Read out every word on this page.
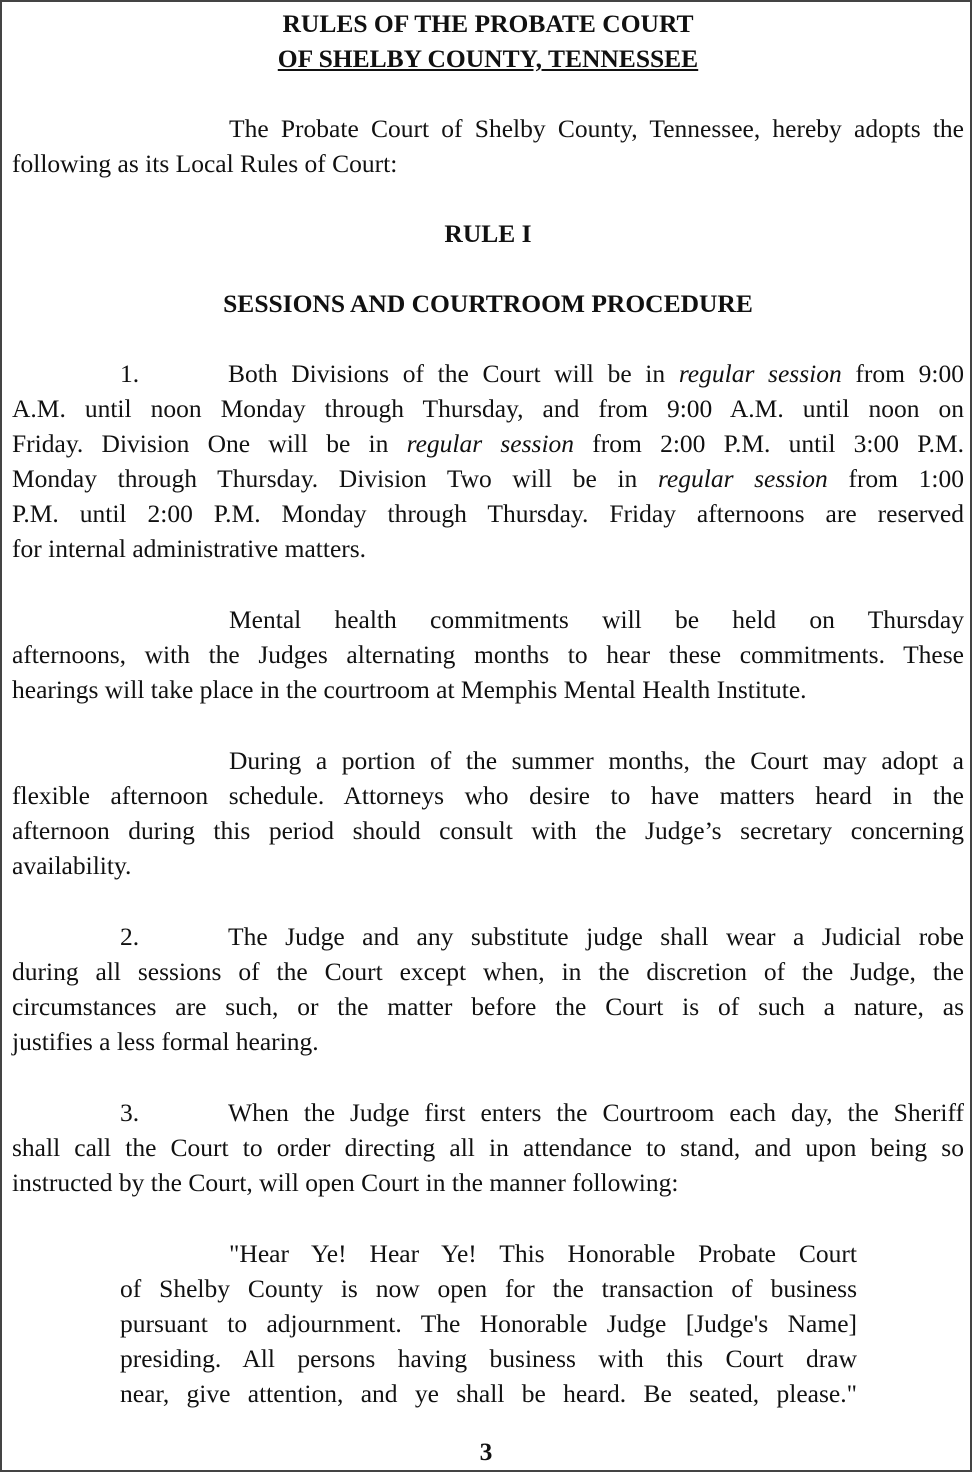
RULES OF THE PROBATE COURT
OF SHELBY COUNTY, TENNESSEE
The Probate Court of Shelby County, Tennessee, hereby adopts the
following as its Local Rules of Court:
RULE I
SESSIONS AND COURTROOM PROCEDURE
1.	Both Divisions of the Court will be in regular session from 9:00
A.M. until noon Monday through Thursday, and from 9:00 A.M. until noon on
Friday. Division One will be in regular session from 2:00 P.M. until 3:00 P.M.
Monday through Thursday. Division Two will be in regular session from 1:00
P.M. until 2:00 P.M. Monday through Thursday. Friday afternoons are reserved
for internal administrative matters.
Mental health commitments will be held on Thursday
afternoons, with the Judges alternating months to hear these commitments. These
hearings will take place in the courtroom at Memphis Mental Health Institute.
During a portion of the summer months, the Court may adopt a
flexible afternoon schedule. Attorneys who desire to have matters heard in the
afternoon during this period should consult with the Judge’s secretary concerning
availability.
2.	The Judge and any substitute judge shall wear a Judicial robe
during all sessions of the Court except when, in the discretion of the Judge, the
circumstances are such, or the matter before the Court is of such a nature, as
justifies a less formal hearing.
3.	When the Judge first enters the Courtroom each day, the Sheriff
shall call the Court to order directing all in attendance to stand, and upon being so
instructed by the Court, will open Court in the manner following:
"Hear Ye! Hear Ye! This Honorable Probate Court
of Shelby County is now open for the transaction of business
pursuant to adjournment. The Honorable Judge [Judge's Name]
presiding. All persons having business with this Court draw
near, give attention, and ye shall be heard. Be seated, please."
3
